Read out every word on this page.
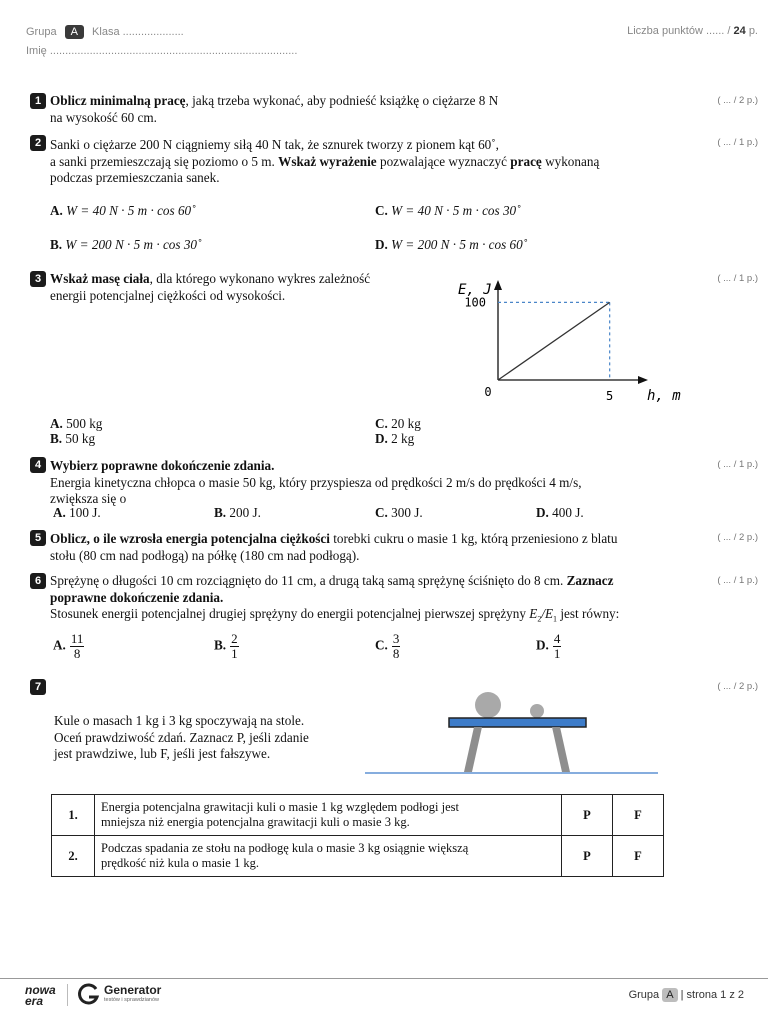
Grupa A Klasa ....................
Imię .................................................................................
Liczba punktów ...... / 24 p.
1 Oblicz minimalną pracę, jaką trzeba wykonać, aby podnieść książkę o ciężarze 8 N
na wysokość 60 cm.
( ... / 2 p.)
2 Sanki o ciężarze 200 N ciągniemy siłą 40 N tak, że sznurek tworzy z pionem kąt 60˚,
a sanki przemieszczają się poziomo o 5 m. Wskaż wyrażenie pozwalające wyznaczyć pracę wykonaną
podczas przemieszczania sanek.
( ... / 1 p.)
A. W = 40 N · 5 m · cos 60˚	C. W = 40 N · 5 m · cos 30˚
B. W = 200 N · 5 m · cos 30˚	D. W = 200 N · 5 m · cos 60˚
3 Wskaż masę ciała, dla którego wykonano wykres zależność
energii potencjalnej ciężkości od wysokości.
( ... / 1 p.)
E, J
100
0	5 h, m
A. 500 kg	C. 20 kg
B. 50 kg	D. 2 kg
4 Wybierz poprawne dokończenie zdania.
Energia kinetyczna chłopca o masie 50 kg, który przyspiesza od prędkości 2 m/s do prędkości 4 m/s,
zwiększa się o
( ... / 1 p.)
A. 100 J.	B. 200 J.	C. 300 J.	D. 400 J.
5 Oblicz, o ile wzrosła energia potencjalna ciężkości torebki cukru o masie 1 kg, którą przeniesiono z blatu
stołu (80 cm nad podłogą) na półkę (180 cm nad podłogą).
( ... / 2 p.)
6 Sprężynę o długości 10 cm rozciągnięto do 11 cm, a drugą taką samą sprężynę ściśnięto do 8 cm. Zaznacz
poprawne dokończenie zdania.
Stosunek energii potencjalnej drugiej sprężyny do energii potencjalnej pierwszej sprężyny $E_2/E_1$ jest równy:
( ... / 1 p.)
A. $\frac{11}{8}$	B. $\frac{2}{1}$	C. $\frac{3}{8}$	D. $\frac{4}{1}$
7	( ... / 2 p.)
Kule o masach 1 kg i 3 kg spoczywają na stole.
Oceń prawdziwość zdań. Zaznacz P, jeśli zdanie
jest prawdziwe, lub F, jeśli jest fałszywe.
1.	Energia potencjalna grawitacji kuli o masie 1 kg względem podłogi jest
mniejsza niż energia potencjalna grawitacji kuli o masie 3 kg.	P	F
2.	Podczas spadania ze stołu na podłogę kula o masie 3 kg osiągnie większą
prędkość niż kula o masie 1 kg.	P	F
nowa
era
Generator
testów i sprawdzianów	Grupa A | strona 1 z 2
